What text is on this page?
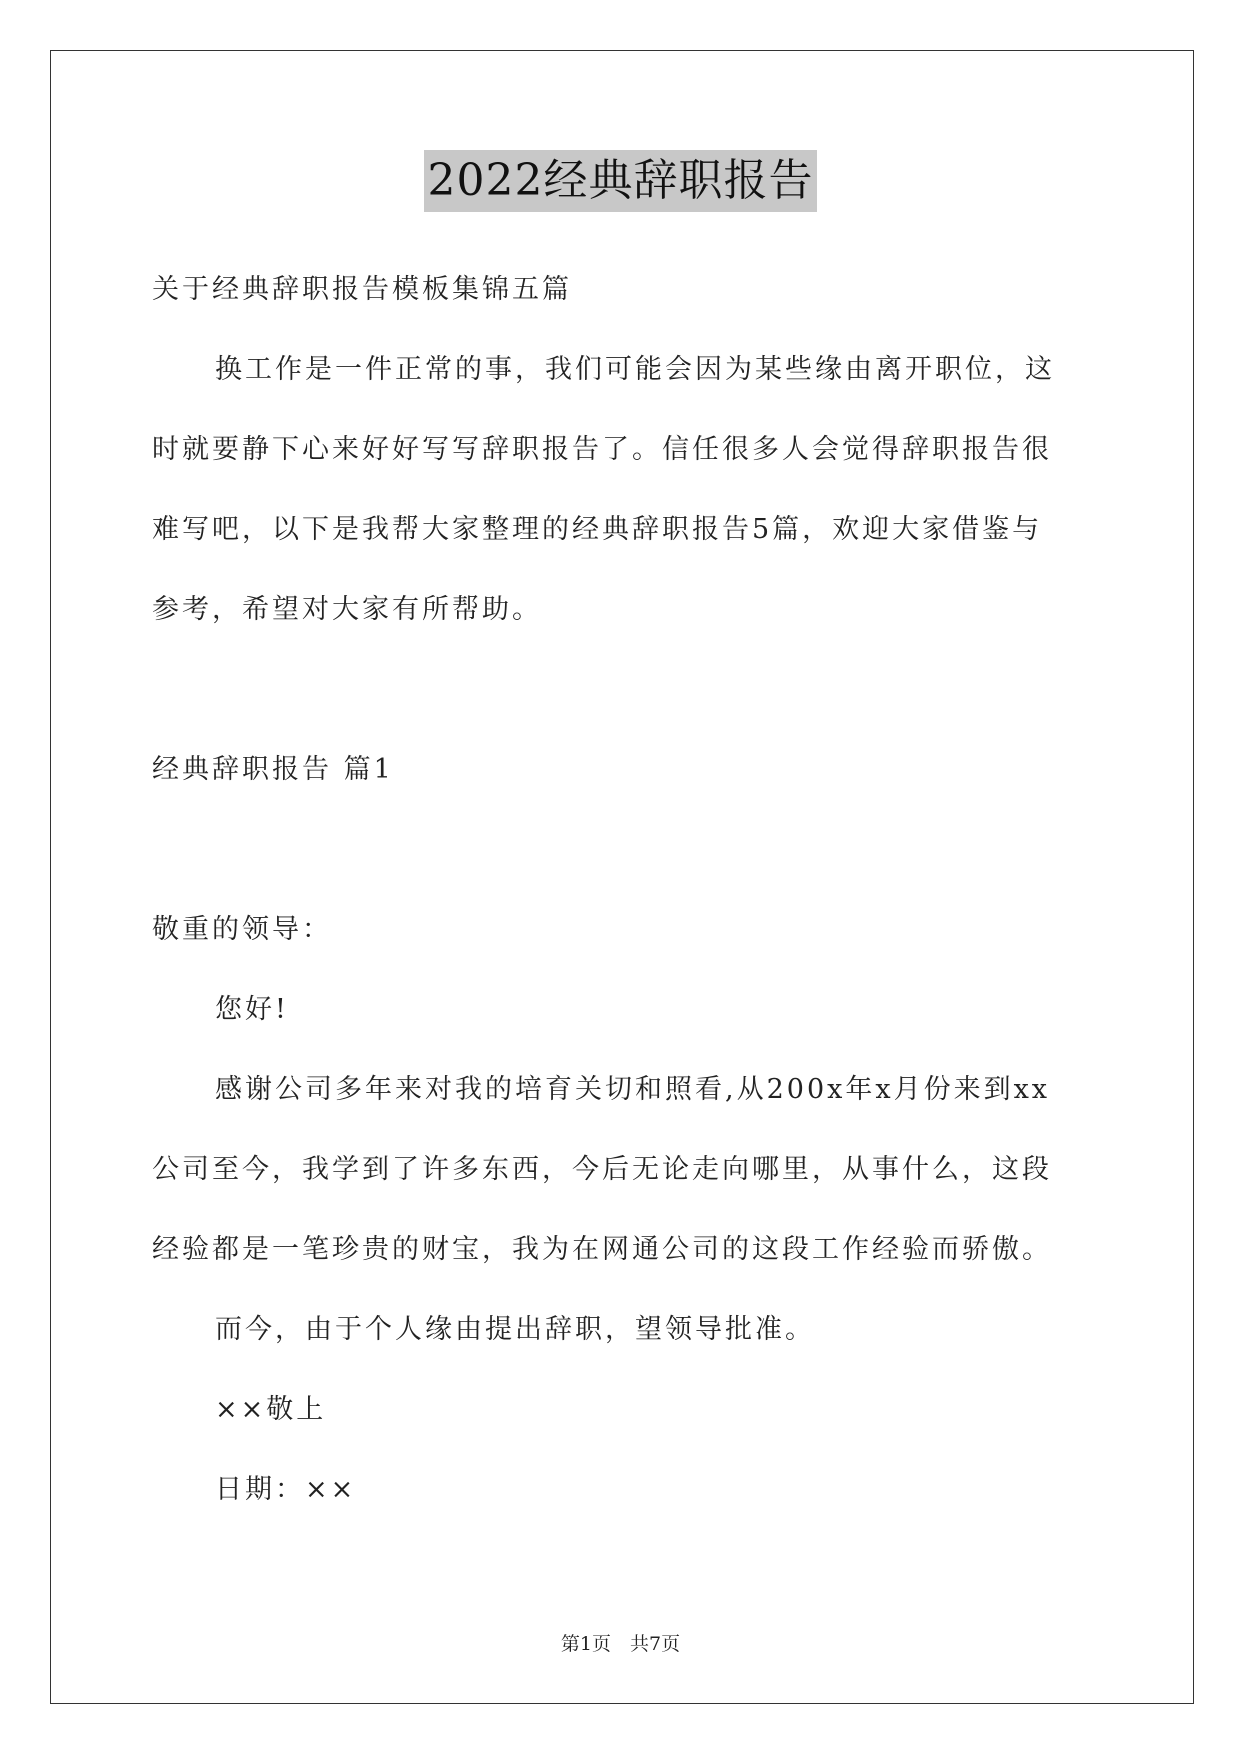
2022经典辞职报告
关于经典辞职报告模板集锦五篇
换工作是一件正常的事，我们可能会因为某些缘由离开职位，这
时就要静下心来好好写写辞职报告了。信任很多人会觉得辞职报告很
难写吧，以下是我帮大家整理的经典辞职报告5篇，欢迎大家借鉴与
参考，希望对大家有所帮助。
经典辞职报告 篇1
敬重的领导：
您好!
感谢公司多年来对我的培育关切和照看,从200x年x月份来到xx
公司至今，我学到了许多东西，今后无论走向哪里，从事什么，这段
经验都是一笔珍贵的财宝，我为在网通公司的这段工作经验而骄傲。
而今，由于个人缘由提出辞职，望领导批准。
××敬上
日期：××
第1页　共7页
